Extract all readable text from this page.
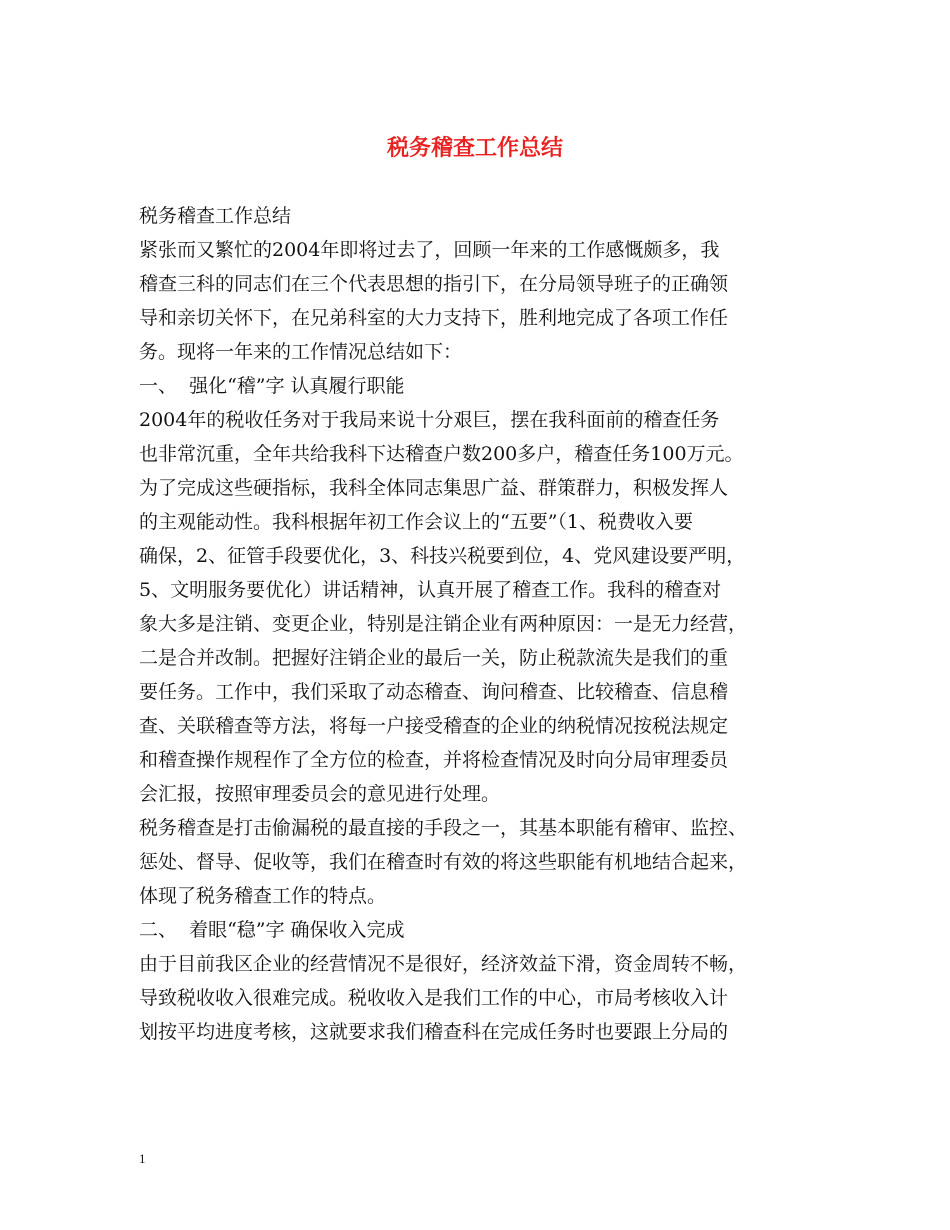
税务稽查工作总结
税务稽查工作总结
紧张而又繁忙的2004年即将过去了，回顾一年来的工作感慨颇多，我
稽查三科的同志们在三个代表思想的指引下，在分局领导班子的正确领
导和亲切关怀下，在兄弟科室的大力支持下，胜利地完成了各项工作任
务。现将一年来的工作情况总结如下：
一、  强化“稽”字 认真履行职能
2004年的税收任务对于我局来说十分艰巨，摆在我科面前的稽查任务
也非常沉重，全年共给我科下达稽查户数200多户，稽查任务100万元。
为了完成这些硬指标，我科全体同志集思广益、群策群力，积极发挥人
的主观能动性。我科根据年初工作会议上的“五要”（1、税费收入要
确保，2、征管手段要优化，3、科技兴税要到位，4、党风建设要严明，
5、文明服务要优化）讲话精神，认真开展了稽查工作。我科的稽查对
象大多是注销、变更企业，特别是注销企业有两种原因：一是无力经营，
二是合并改制。把握好注销企业的最后一关，防止税款流失是我们的重
要任务。工作中，我们采取了动态稽查、询问稽查、比较稽查、信息稽
查、关联稽查等方法，将每一户接受稽查的企业的纳税情况按税法规定
和稽查操作规程作了全方位的检查，并将检查情况及时向分局审理委员
会汇报，按照审理委员会的意见进行处理。
税务稽查是打击偷漏税的最直接的手段之一，其基本职能有稽审、监控、
惩处、督导、促收等，我们在稽查时有效的将这些职能有机地结合起来，
体现了税务稽查工作的特点。
二、  着眼“稳”字 确保收入完成
由于目前我区企业的经营情况不是很好，经济效益下滑，资金周转不畅，
导致税收收入很难完成。税收收入是我们工作的中心，市局考核收入计
划按平均进度考核，这就要求我们稽查科在完成任务时也要跟上分局的
1
